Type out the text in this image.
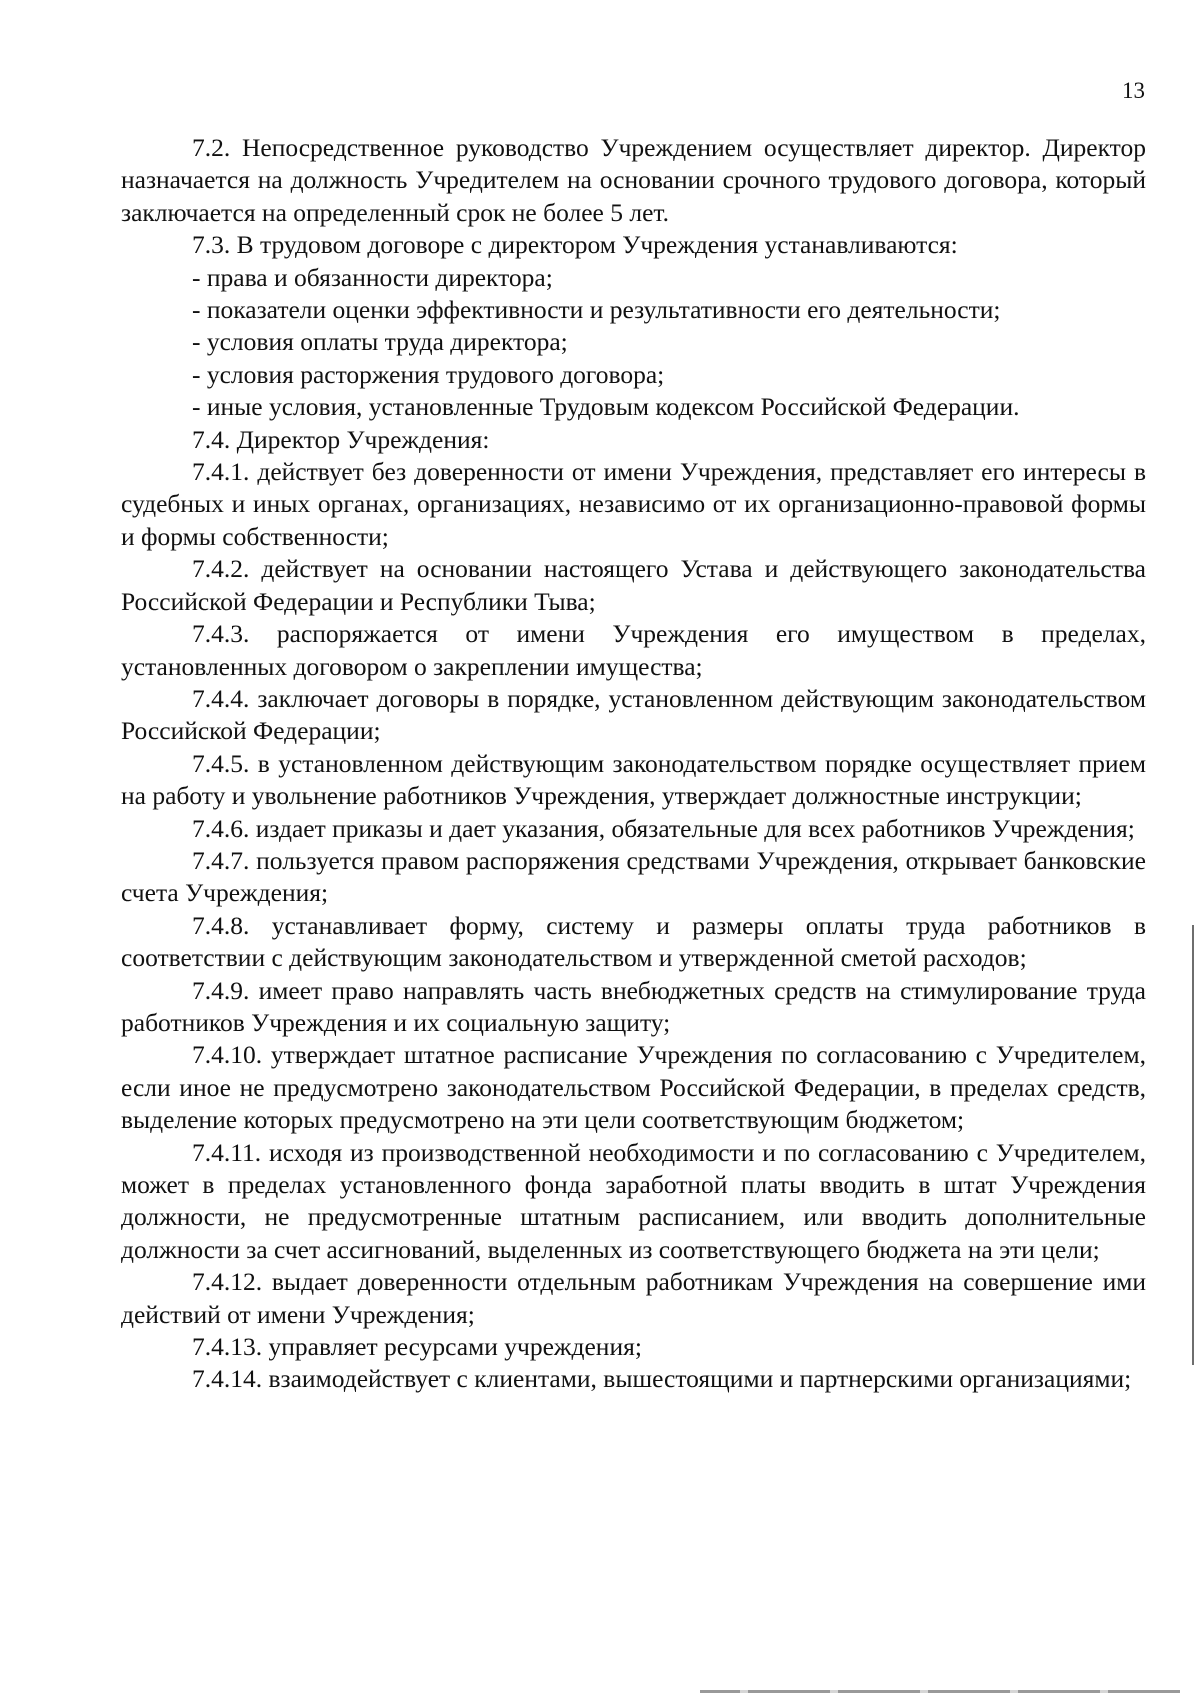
13

7.2. Непосредственное руководство Учреждением осуществляет директор. Директор назначается на должность Учредителем на основании срочного трудового договора, который заключается на определенный срок не более 5 лет.

7.3. В трудовом договоре с директором Учреждения устанавливаются:

- права и обязанности директора;

- показатели оценки эффективности и результативности его деятельности;

- условия оплаты труда директора;

- условия расторжения трудового договора;

- иные условия, установленные Трудовым кодексом Российской Федерации.

7.4. Директор Учреждения:

7.4.1. действует без доверенности от имени Учреждения, представляет его интересы в судебных и иных органах, организациях, независимо от их организационно-правовой формы и формы собственности;

7.4.2. действует на основании настоящего Устава и действующего законодательства Российской Федерации и Республики Тыва;

7.4.3. распоряжается от имени Учреждения его имуществом в пределах, установленных договором о закреплении имущества;

7.4.4. заключает договоры в порядке, установленном действующим законодательством Российской Федерации;

7.4.5. в установленном действующим законодательством порядке осуществляет прием на работу и увольнение работников Учреждения, утверждает должностные инструкции;

7.4.6. издает приказы и дает указания, обязательные для всех работников Учреждения;

7.4.7. пользуется правом распоряжения средствами Учреждения, открывает банковские счета Учреждения;

7.4.8. устанавливает форму, систему и размеры оплаты труда работников в соответствии с действующим законодательством и утвержденной сметой расходов;

7.4.9. имеет право направлять часть внебюджетных средств на стимулирование труда работников Учреждения и их социальную защиту;

7.4.10. утверждает штатное расписание Учреждения по согласованию с Учредителем, если иное не предусмотрено законодательством Российской Федерации, в пределах средств, выделение которых предусмотрено на эти цели соответствующим бюджетом;

7.4.11. исходя из производственной необходимости и по согласованию с Учредителем, может в пределах установленного фонда заработной платы вводить в штат Учреждения должности, не предусмотренные штатным расписанием, или вводить дополнительные должности за счет ассигнований, выделенных из соответствующего бюджета на эти цели;

7.4.12. выдает доверенности отдельным работникам Учреждения на совершение ими действий от имени Учреждения;

7.4.13. управляет ресурсами учреждения;

7.4.14. взаимодействует с клиентами, вышестоящими и партнерскими организациями;
